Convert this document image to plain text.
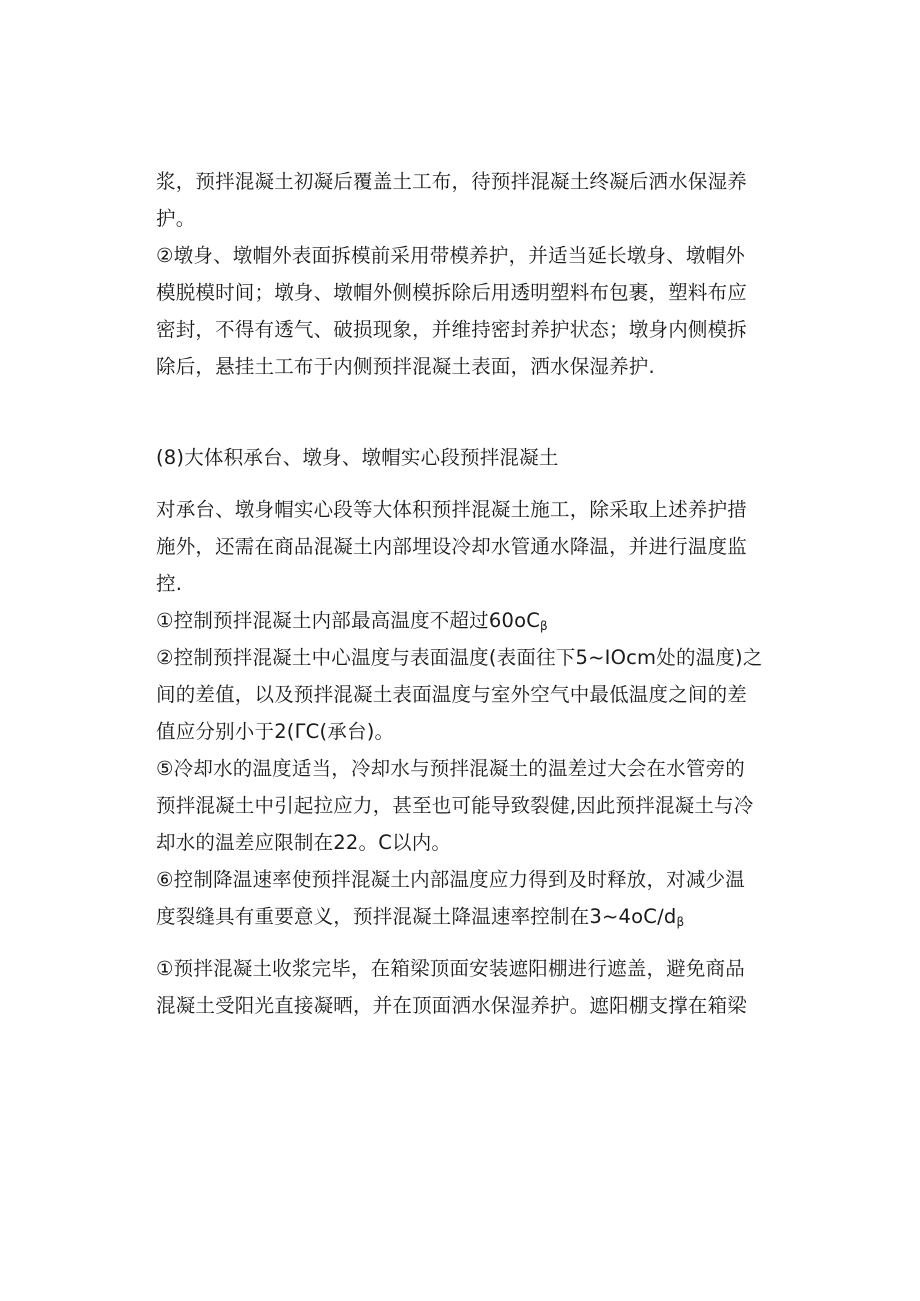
浆，预拌混凝土初凝后覆盖土工布，待预拌混凝土终凝后洒水保湿养
护。
②墩身、墩帽外表面拆模前采用带模养护，并适当延长墩身、墩帽外
模脱模时间；墩身、墩帽外侧模拆除后用透明塑料布包裹，塑料布应
密封，不得有透气、破损现象，并维持密封养护状态；墩身内侧模拆
除后，悬挂土工布于内侧预拌混凝土表面，洒水保湿养护.
(8)大体积承台、墩身、墩帽实心段预拌混凝土
对承台、墩身帽实心段等大体积预拌混凝土施工，除采取上述养护措
施外，还需在商品混凝土内部埋设冷却水管通水降温，并进行温度监
控.
①控制预拌混凝土内部最高温度不超过$60oC_\beta$
②控制预拌混凝土中心温度与表面温度(表面往下5~IOcm处的温度)之
间的差值，以及预拌混凝土表面温度与室外空气中最低温度之间的差
值应分别小于2(ΓC(承台)。
⑤冷却水的温度适当，冷却水与预拌混凝土的温差过大会在水管旁的
预拌混凝土中引起拉应力，甚至也可能导致裂健,因此预拌混凝土与冷
却水的温差应限制在22。C以内。
⑥控制降温速率使预拌混凝土内部温度应力得到及时释放，对减少温
度裂缝具有重要意义，预拌混凝土降温速率控制在$3\sim 4oC∕d_\beta$
①预拌混凝土收浆完毕，在箱梁顶面安装遮阳棚进行遮盖，避免商品
混凝土受阳光直接凝晒，并在顶面洒水保湿养护。遮阳棚支撑在箱梁
